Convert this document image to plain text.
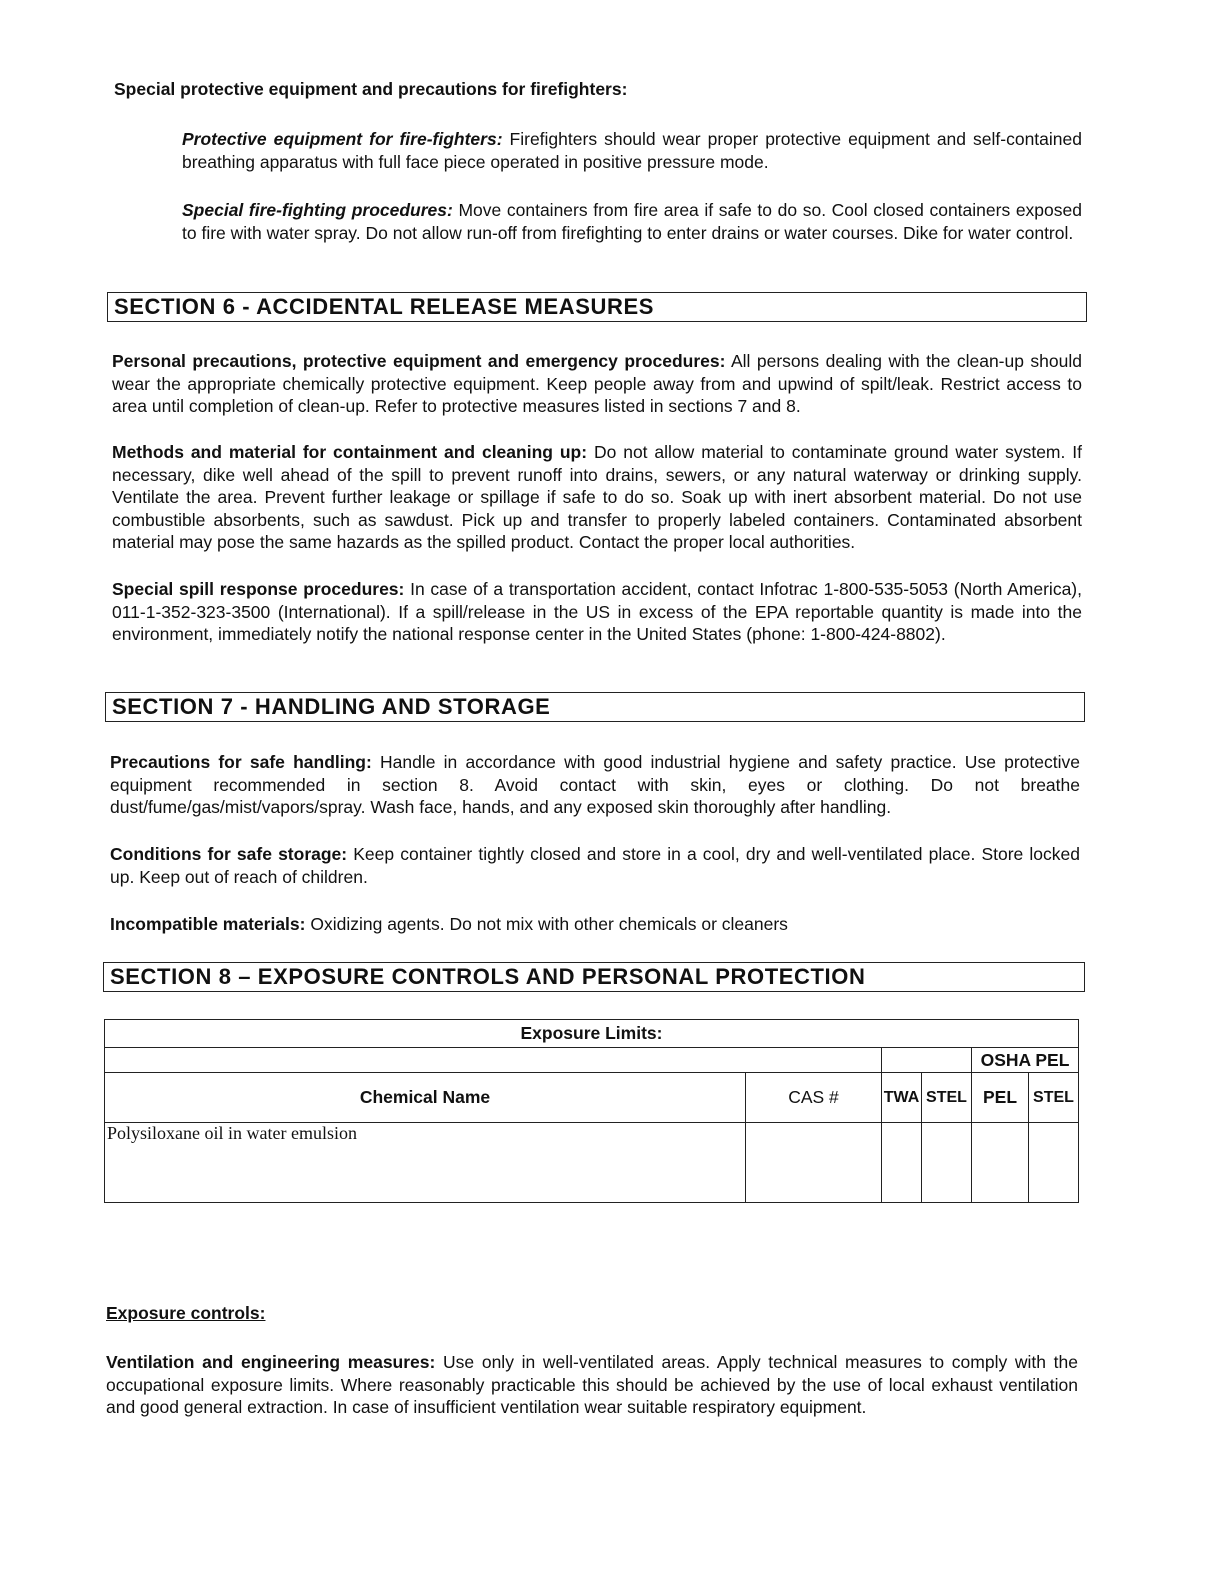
Special protective equipment and precautions for firefighters:

Protective equipment for fire-fighters: Firefighters should wear proper protective equipment and self-contained breathing apparatus with full face piece operated in positive pressure mode.

Special fire-fighting procedures: Move containers from fire area if safe to do so. Cool closed containers exposed to fire with water spray. Do not allow run-off from firefighting to enter drains or water courses. Dike for water control.

SECTION 6 - ACCIDENTAL RELEASE MEASURES

Personal precautions, protective equipment and emergency procedures: All persons dealing with the clean-up should wear the appropriate chemically protective equipment. Keep people away from and upwind of spilt/leak. Restrict access to area until completion of clean-up. Refer to protective measures listed in sections 7 and 8.

Methods and material for containment and cleaning up: Do not allow material to contaminate ground water system. If necessary, dike well ahead of the spill to prevent runoff into drains, sewers, or any natural waterway or drinking supply. Ventilate the area. Prevent further leakage or spillage if safe to do so. Soak up with inert absorbent material. Do not use combustible absorbents, such as sawdust. Pick up and transfer to properly labeled containers. Contaminated absorbent material may pose the same hazards as the spilled product. Contact the proper local authorities.

Special spill response procedures: In case of a transportation accident, contact Infotrac 1-800-535-5053 (North America), 011-1-352-323-3500 (International). If a spill/release in the US in excess of the EPA reportable quantity is made into the environment, immediately notify the national response center in the United States (phone: 1-800-424-8802).

SECTION 7 - HANDLING AND STORAGE

Precautions for safe handling: Handle in accordance with good industrial hygiene and safety practice. Use protective equipment recommended in section 8. Avoid contact with skin, eyes or clothing. Do not breathe dust/fume/gas/mist/vapors/spray. Wash face, hands, and any exposed skin thoroughly after handling.

Conditions for safe storage: Keep container tightly closed and store in a cool, dry and well-ventilated place. Store locked up. Keep out of reach of children.

Incompatible materials: Oxidizing agents. Do not mix with other chemicals or cleaners

SECTION 8 – EXPOSURE CONTROLS AND PERSONAL PROTECTION
Exposure Limits:					
				OSHA PEL	
Chemical Name	CAS #	TWA	STEL	PEL	STEL
Polysiloxane oil in water emulsion					
Exposure controls:

Ventilation and engineering measures: Use only in well-ventilated areas. Apply technical measures to comply with the occupational exposure limits. Where reasonably practicable this should be achieved by the use of local exhaust ventilation and good general extraction. In case of insufficient ventilation wear suitable respiratory equipment.
